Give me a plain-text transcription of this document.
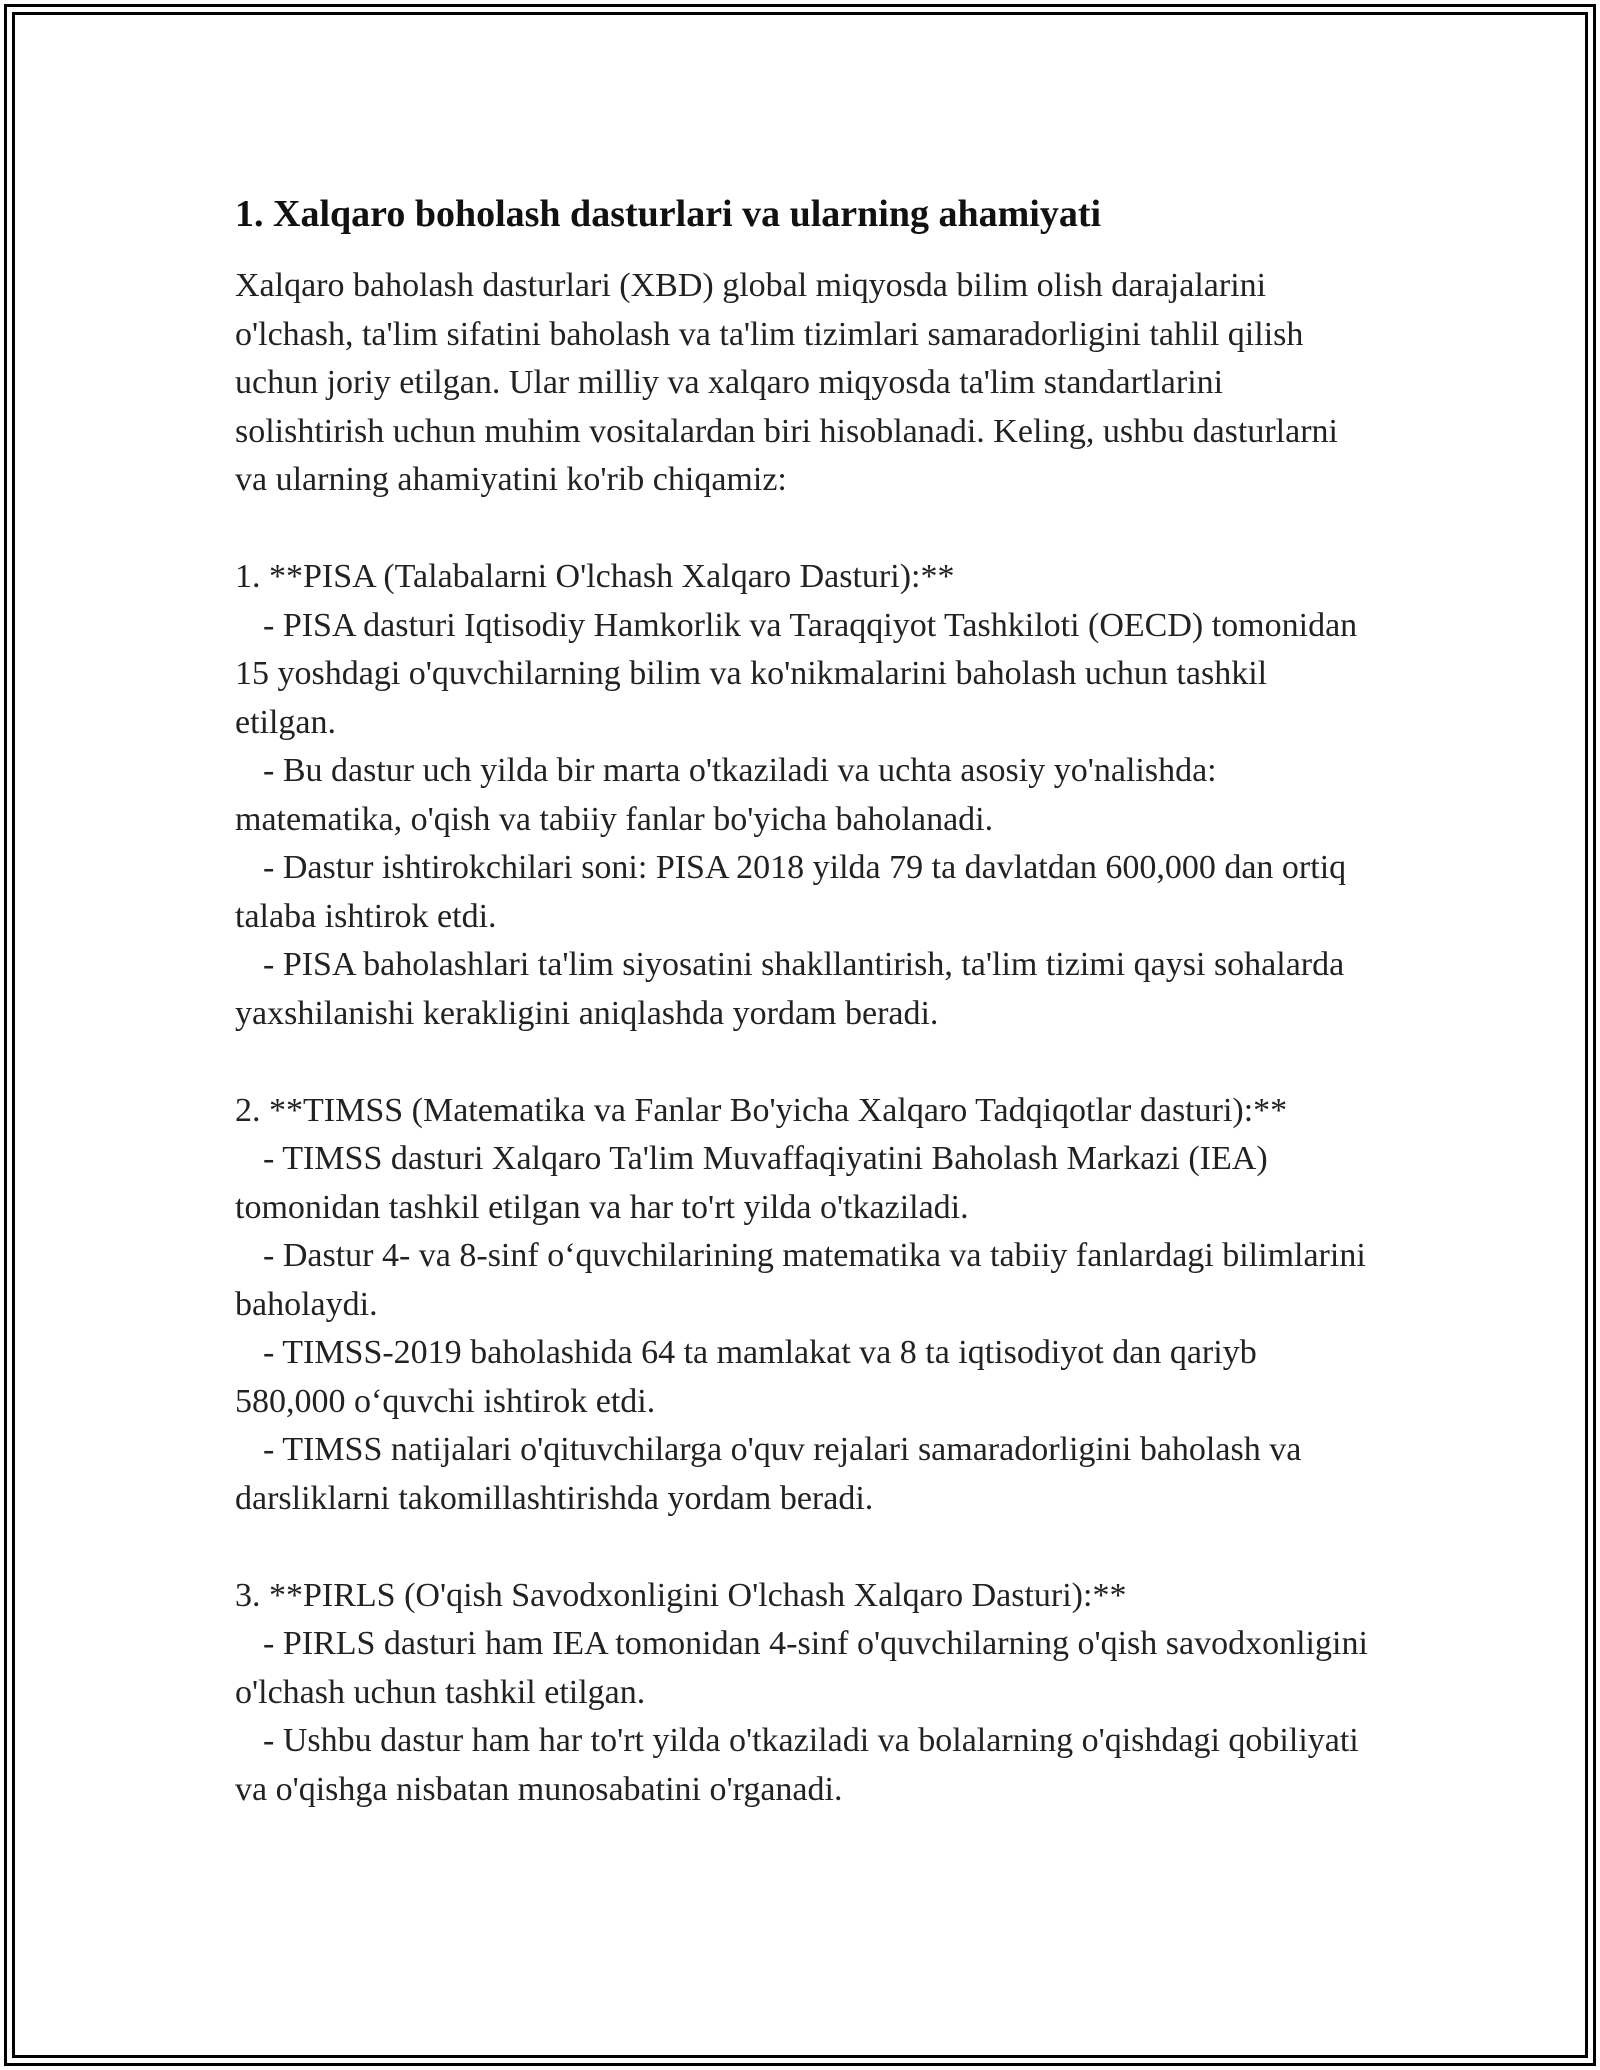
1. Xalqaro boholash dasturlari va ularning ahamiyati

Xalqaro baholash dasturlari (XBD) global miqyosda bilim olish darajalarini o'lchash, ta'lim sifatini baholash va ta'lim tizimlari samaradorligini tahlil qilish uchun joriy etilgan. Ular milliy va xalqaro miqyosda ta'lim standartlarini solishtirish uchun muhim vositalardan biri hisoblanadi. Keling, ushbu dasturlarni va ularning ahamiyatini ko'rib chiqamiz:

1. **PISA (Talabalarni O'lchash Xalqaro Dasturi):**

- PISA dasturi Iqtisodiy Hamkorlik va Taraqqiyot Tashkiloti (OECD) tomonidan 15 yoshdagi o'quvchilarning bilim va ko'nikmalarini baholash uchun tashkil etilgan.

- Bu dastur uch yilda bir marta o'tkaziladi va uchta asosiy yo'nalishda: matematika, o'qish va tabiiy fanlar bo'yicha baholanadi.

- Dastur ishtirokchilari soni: PISA 2018 yilda 79 ta davlatdan 600,000 dan ortiq talaba ishtirok etdi.

- PISA baholashlari ta'lim siyosatini shakllantirish, ta'lim tizimi qaysi sohalarda yaxshilanishi kerakligini aniqlashda yordam beradi.

2. **TIMSS (Matematika va Fanlar Bo'yicha Xalqaro Tadqiqotlar dasturi):**

- TIMSS dasturi Xalqaro Ta'lim Muvaffaqiyatini Baholash Markazi (IEA) tomonidan tashkil etilgan va har to'rt yilda o'tkaziladi.

- Dastur 4- va 8-sinf o‘quvchilarining matematika va tabiiy fanlardagi bilimlarini baholaydi.

- TIMSS-2019 baholashida 64 ta mamlakat va 8 ta iqtisodiyot dan qariyb 580,000 o‘quvchi ishtirok etdi.

- TIMSS natijalari o'qituvchilarga o'quv rejalari samaradorligini baholash va darsliklarni takomillashtirishda yordam beradi.

3. **PIRLS (O'qish Savodxonligini O'lchash Xalqaro Dasturi):**

- PIRLS dasturi ham IEA tomonidan 4-sinf o'quvchilarning o'qish savodxonligini o'lchash uchun tashkil etilgan.

- Ushbu dastur ham har to'rt yilda o'tkaziladi va bolalarning o'qishdagi qobiliyati va o'qishga nisbatan munosabatini o'rganadi.
